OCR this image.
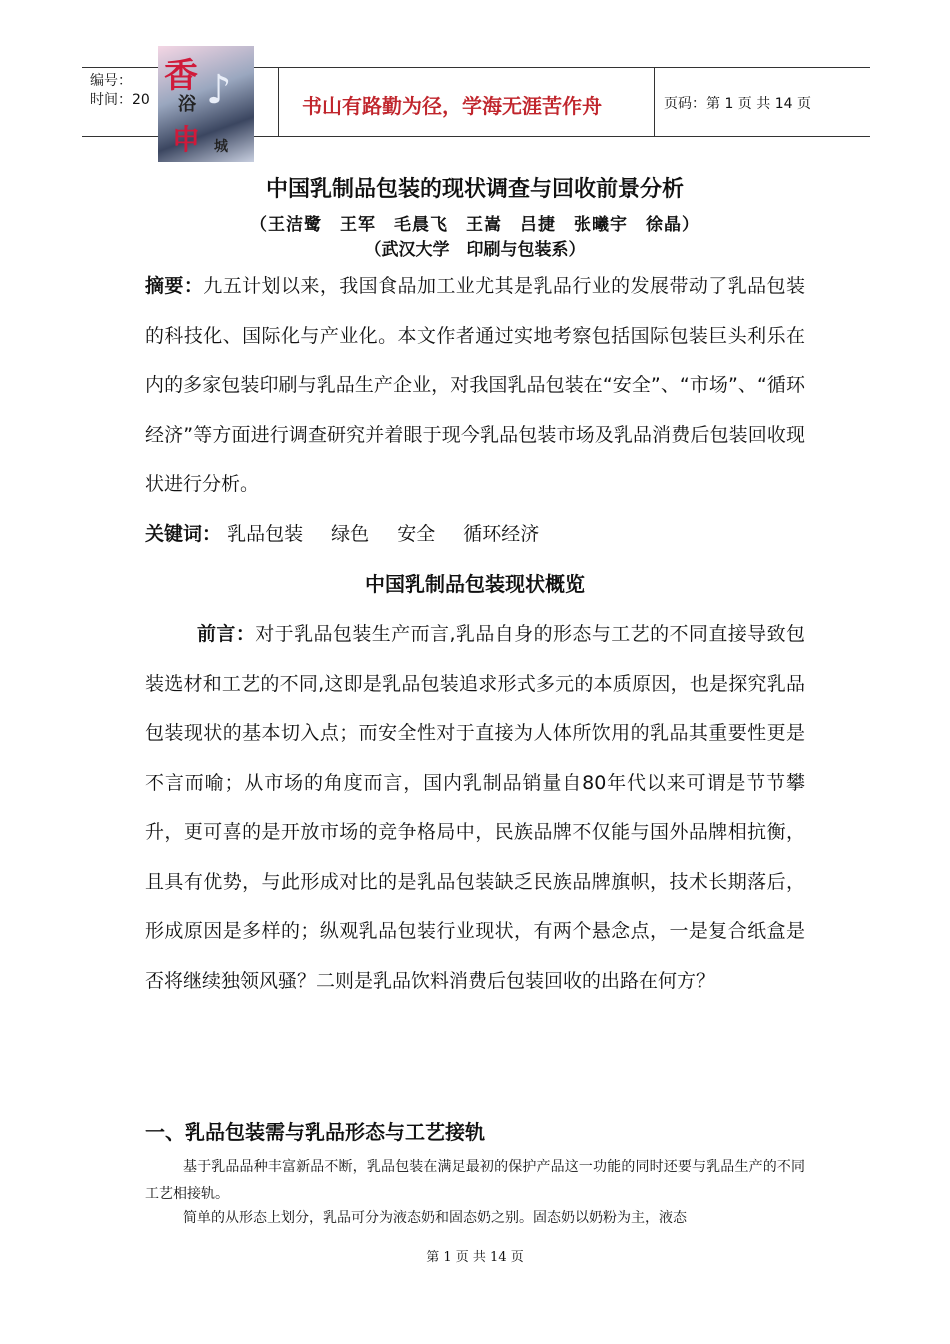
编号：
时间：20
香
浴
申 城
♪	书山有路勤为径，学海无涯苦作舟	页码：第 1 页 共 14 页
中国乳制品包装的现状调查与回收前景分析
（王洁鹭　王军　毛晨飞　王嵩　吕捷　张曦宇　徐晶）
（武汉大学　印刷与包装系）
摘要：九五计划以来，我国食品加工业尤其是乳品行业的发展带动了乳品包装的科技化、国际化与产业化。本文作者通过实地考察包括国际包装巨头利乐在内的多家包装印刷与乳品生产企业，对我国乳品包装在“安全”、“市场”、“循环经济”等方面进行调查研究并着眼于现今乳品包装市场及乳品消费后包装回收现状进行分析。
关键词： 乳品包装 绿色 安全 循环经济
中国乳制品包装现状概览
前言：对于乳品包装生产而言,乳品自身的形态与工艺的不同直接导致包装选材和工艺的不同,这即是乳品包装追求形式多元的本质原因，也是探究乳品包装现状的基本切入点；而安全性对于直接为人体所饮用的乳品其重要性更是不言而喻；从市场的角度而言，国内乳制品销量自80年代以来可谓是节节攀升，更可喜的是开放市场的竞争格局中，民族品牌不仅能与国外品牌相抗衡，且具有优势，与此形成对比的是乳品包装缺乏民族品牌旗帜，技术长期落后，形成原因是多样的；纵观乳品包装行业现状，有两个悬念点，一是复合纸盒是否将继续独领风骚？二则是乳品饮料消费后包装回收的出路在何方？
一、乳品包装需与乳品形态与工艺接轨
基于乳品品种丰富新品不断，乳品包装在满足最初的保护产品这一功能的同时还要与乳品生产的不同工艺相接轨。
简单的从形态上划分，乳品可分为液态奶和固态奶之别。固态奶以奶粉为主，液态
第 1 页 共 14 页
